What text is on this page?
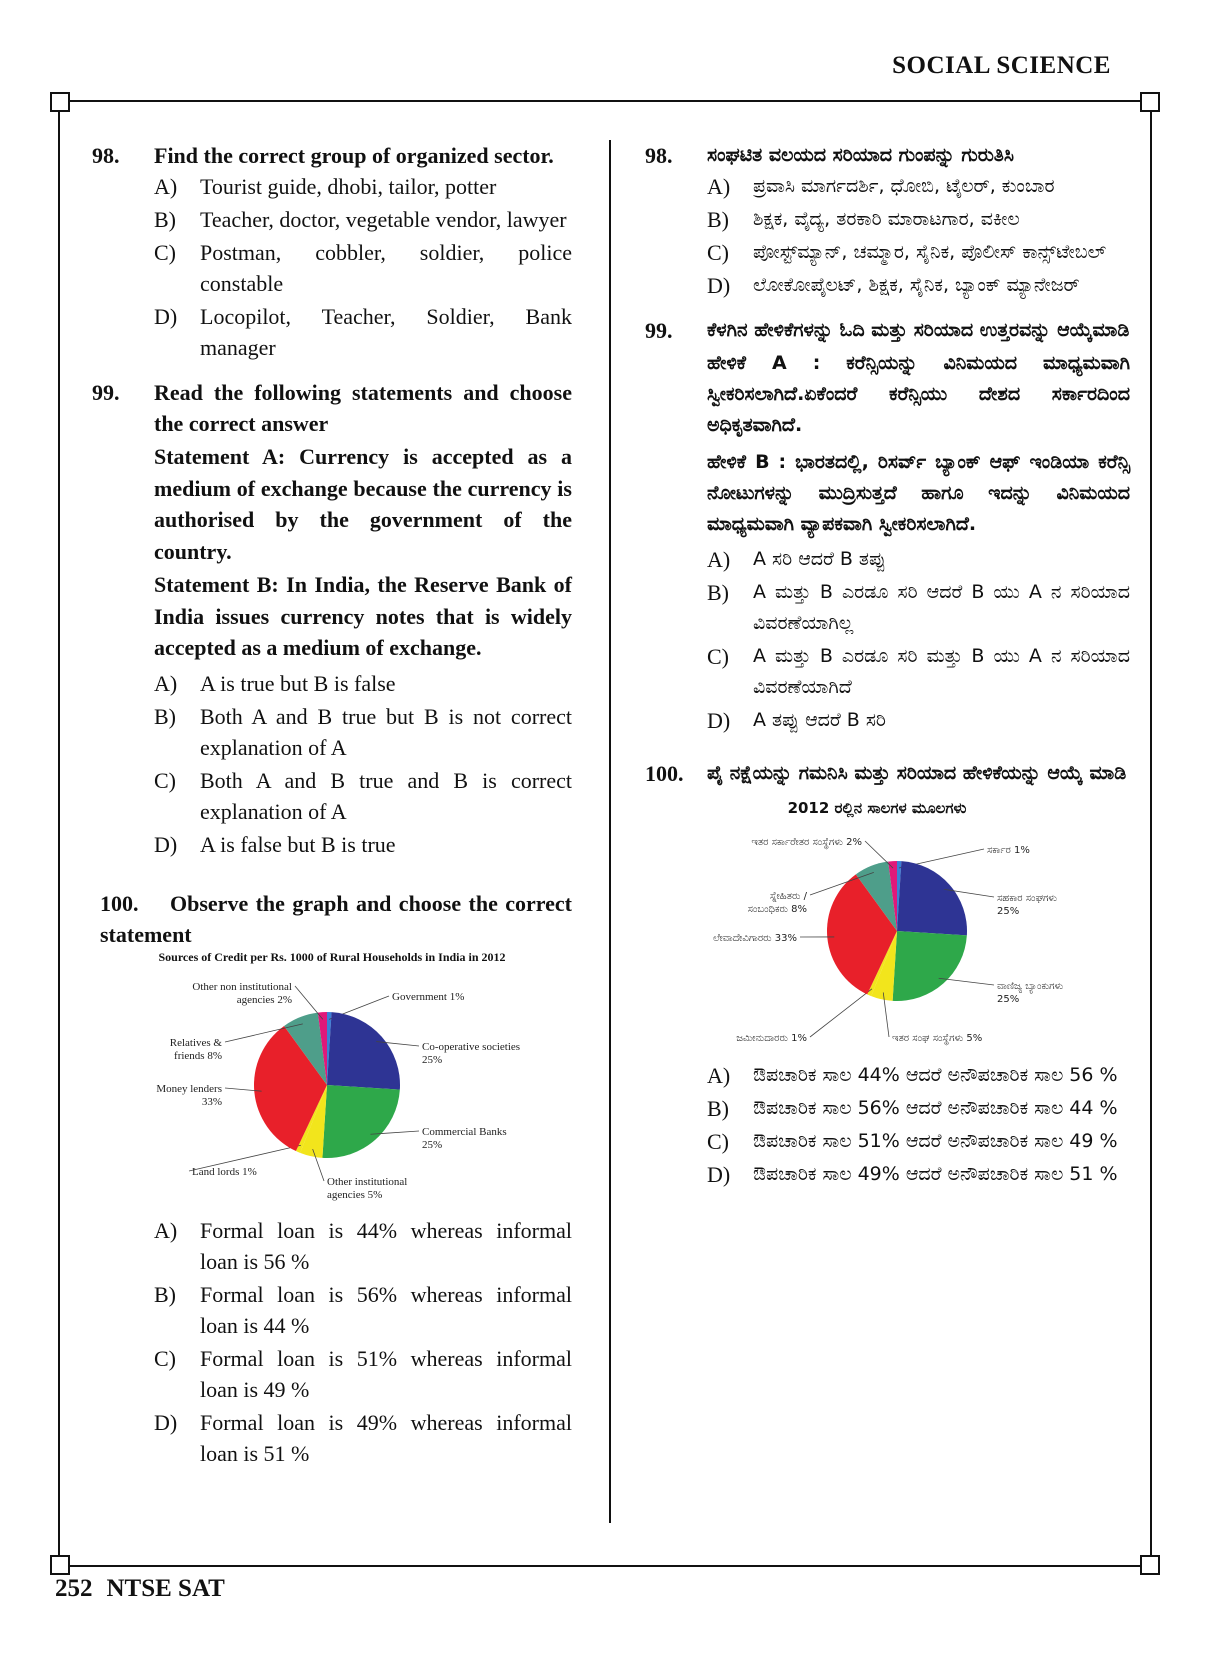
SOCIAL SCIENCE
98. Find the correct group of organized sector.
A)	Tourist guide, dhobi, tailor, potter
B)	Teacher, doctor, vegetable vendor, lawyer
C)	Postman, cobbler, soldier, police constable
D)	Locopilot, Teacher, Soldier, Bank manager
99. Read the following statements and choose the correct answer
Statement A: Currency is accepted as a medium of exchange because the currency is authorised by the government of the country.
Statement B: In India, the Reserve Bank of India issues currency notes that is widely accepted as a medium of exchange.
A)	A is true but B is false
B)	Both A and B true but B is not correct explanation of A
C)	Both A and B true and B is correct explanation of A
D)	A is false but B is true
100.	Observe the graph and choose the correct statement
Sources of Credit per Rs. 1000 of Rural Households in India in 2012
Government 1%
Co-operative societies 25%
Commercial Banks 25%
Other institutional agencies 5%
Land lords 1%
Money lenders 33%
Relatives & friends 8%
Other non institutional agencies 2%
A)	Formal loan is 44% whereas informal loan is 56 %
B)	Formal loan is 56% whereas informal loan is 44 %
C)	Formal loan is 51% whereas informal loan is 49 %
D)	Formal loan is 49% whereas informal loan is 51 %
98. ಸಂಘಟಿತ ವಲಯದ ಸರಿಯಾದ ಗುಂಪನ್ನು ಗುರುತಿಸಿ
A)	ಪ್ರವಾಸಿ ಮಾರ್ಗದರ್ಶಿ, ಧೋಬಿ, ಟೈಲರ್, ಕುಂಬಾರ
B)	ಶಿಕ್ಷಕ, ವೈದ್ಯ, ತರಕಾರಿ ಮಾರಾಟಗಾರ, ವಕೀಲ
C)	ಪೋಸ್ಟ್‌ಮ್ಯಾನ್, ಚಮ್ಮಾರ, ಸೈನಿಕ, ಪೊಲೀಸ್ ಕಾನ್ಸ್‌ಟೇಬಲ್
D)	ಲೋಕೋಪೈಲಟ್, ಶಿಕ್ಷಕ, ಸೈನಿಕ, ಬ್ಯಾಂಕ್ ಮ್ಯಾನೇಜರ್
99. ಕೆಳಗಿನ ಹೇಳಿಕೆಗಳನ್ನು ಓದಿ ಮತ್ತು ಸರಿಯಾದ ಉತ್ತರವನ್ನು ಆಯ್ಕೆಮಾಡಿ
ಹೇಳಿಕೆ A : ಕರೆನ್ಸಿಯನ್ನು ವಿನಿಮಯದ ಮಾಧ್ಯಮವಾಗಿ ಸ್ವೀಕರಿಸಲಾಗಿದೆ.ಏಕೆಂದರೆ ಕರೆನ್ಸಿಯು ದೇಶದ ಸರ್ಕಾರದಿಂದ ಅಧಿಕೃತವಾಗಿದೆ.
ಹೇಳಿಕೆ B : ಭಾರತದಲ್ಲಿ, ರಿಸರ್ವ್ ಬ್ಯಾಂಕ್ ಆಫ್ ಇಂಡಿಯಾ ಕರೆನ್ಸಿ ನೋಟುಗಳನ್ನು ಮುದ್ರಿಸುತ್ತದೆ ಹಾಗೂ ಇದನ್ನು ವಿನಿಮಯದ ಮಾಧ್ಯಮವಾಗಿ ವ್ಯಾಪಕವಾಗಿ ಸ್ವೀಕರಿಸಲಾಗಿದೆ.
A)	A ಸರಿ ಆದರೆ B ತಪ್ಪು
B)	A ಮತ್ತು B ಎರಡೂ ಸರಿ ಆದರೆ B ಯು A ನ ಸರಿಯಾದ ವಿವರಣೆಯಾಗಿಲ್ಲ
C)	A ಮತ್ತು B ಎರಡೂ ಸರಿ ಮತ್ತು B ಯು A ನ ಸರಿಯಾದ ವಿವರಣೆಯಾಗಿದೆ
D)	A ತಪ್ಪು ಆದರೆ B ಸರಿ
100. ಪೈ ನಕ್ಷೆಯನ್ನು ಗಮನಿಸಿ ಮತ್ತು ಸರಿಯಾದ ಹೇಳಿಕೆಯನ್ನು ಆಯ್ಕೆ ಮಾಡಿ
2012 ರಲ್ಲಿನ ಸಾಲಗಳ ಮೂಲಗಳು
ಸರ್ಕಾರ 1%
ಸಹಕಾರ ಸಂಘಗಳು 25%
ವಾಣಿಜ್ಯ ಬ್ಯಾಂಕುಗಳು 25%
ಇತರ ಸಂಘ ಸಂಸ್ಥೆಗಳು 5%
ಜಮೀನುದಾರರು 1%
ಲೇವಾದೇವಿಗಾರರು 33%
ಸ್ನೇಹಿತರು / ಸಂಬಂಧಿಕರು 8%
ಇತರ ಸರ್ಕಾರೇತರ ಸಂಸ್ಥೆಗಳು 2%
A)	ಔಪಚಾರಿಕ ಸಾಲ 44% ಆದರೆ ಅನೌಪಚಾರಿಕ ಸಾಲ 56 %
B)	ಔಪಚಾರಿಕ ಸಾಲ 56% ಆದರೆ ಅನೌಪಚಾರಿಕ ಸಾಲ 44 %
C)	ಔಪಚಾರಿಕ ಸಾಲ 51% ಆದರೆ ಅನೌಪಚಾರಿಕ ಸಾಲ 49 %
D)	ಔಪಚಾರಿಕ ಸಾಲ 49% ಆದರೆ ಅನೌಪಚಾರಿಕ ಸಾಲ 51 %
252 NTSE SAT
